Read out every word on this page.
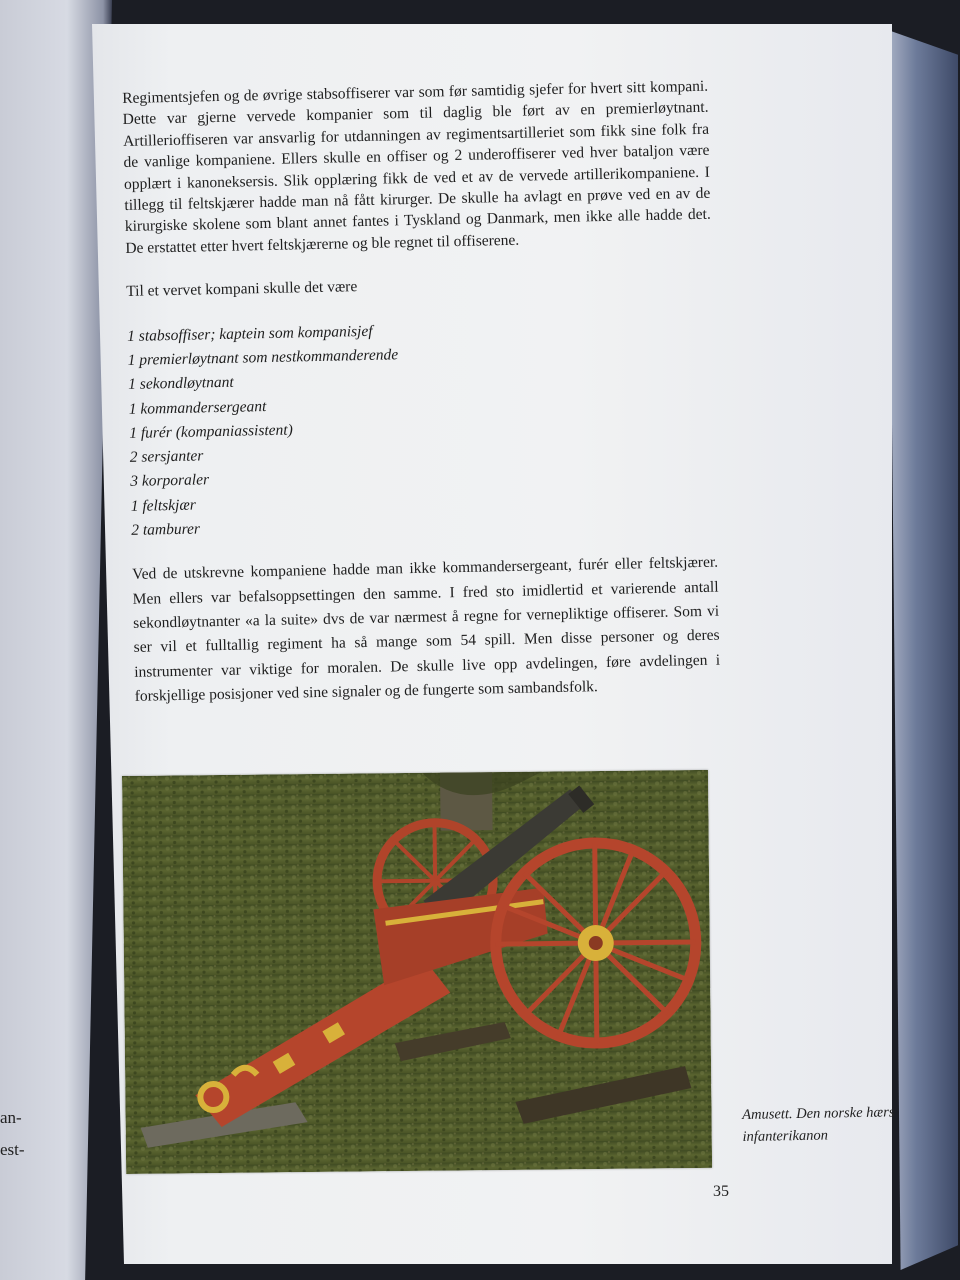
an-
est-

Regimentsjefen og de øvrige stabsoffiserer var som før samtidig sjefer for hvert sitt kompani. Dette var gjerne vervede kompanier som til daglig ble ført av en premierløytnant. Artillerioffiseren var ansvarlig for utdanningen av regimentsartilleriet som fikk sine folk fra de vanlige kompaniene. Ellers skulle en offiser og 2 underoffiserer ved hver bataljon være opplært i kanoneksersis. Slik opplæring fikk de ved et av de vervede artillerikompaniene. I tillegg til feltskjærer hadde man nå fått kirurger. De skulle ha avlagt en prøve ved en av de kirurgiske skolene som blant annet fantes i Tyskland og Danmark, men ikke alle hadde det. De erstattet etter hvert feltskjærerne og ble regnet til offiserene.

Til et vervet kompani skulle det være

1 stabsoffiser; kaptein som kompanisjef
1 premierløytnant som nestkommanderende
1 sekondløytnant
1 kommandersergeant
1 furér (kompaniassistent)
2 sersjanter
3 korporaler
1 feltskjær
2 tamburer

Ved de utskrevne kompaniene hadde man ikke kommandersergeant, furér eller feltskjærer. Men ellers var befalsoppsettingen den samme. I fred sto imidlertid et varierende antall sekondløytnanter «a la suite» dvs de var nærmest å regne for vernepliktige offiserer. Som vi ser vil et fulltallig regiment ha så mange som 54 spill. Men disse personer og deres instrumenter var viktige for moralen. De skulle live opp avdelingen, føre avdelingen i forskjellige posisjoner ved sine signaler og de fungerte som sambandsfolk.

Amusett. Den norske hærs infanterikanon
35
